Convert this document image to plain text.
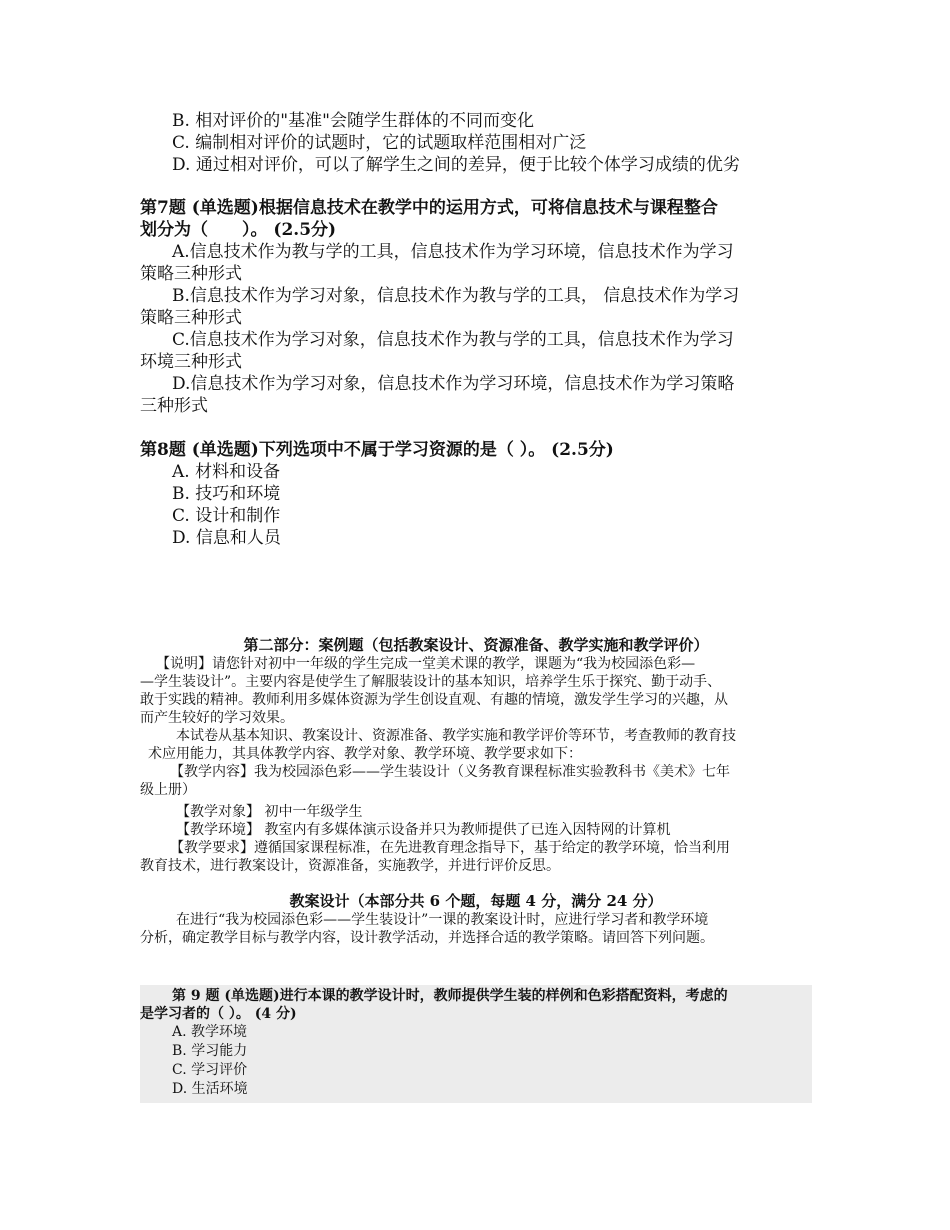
B. 相对评价的"基准"会随学生群体的不同而变化
C. 编制相对评价的试题时，它的试题取样范围相对广泛
D. 通过相对评价，可以了解学生之间的差异，便于比较个体学习成绩的优劣
第7题 (单选题)根据信息技术在教学中的运用方式，可将信息技术与课程整合
划分为（　　）。 (2.5分)
A.信息技术作为教与学的工具，信息技术作为学习环境，信息技术作为学习
策略三种形式
B.信息技术作为学习对象，信息技术作为教与学的工具， 信息技术作为学习
策略三种形式
C.信息技术作为学习对象，信息技术作为教与学的工具，信息技术作为学习
环境三种形式
D.信息技术作为学习对象，信息技术作为学习环境，信息技术作为学习策略
三种形式
第8题 (单选题)下列选项中不属于学习资源的是（ ）。 (2.5分)
A. 材料和设备
B. 技巧和环境
C. 设计和制作
D. 信息和人员
第二部分：案例题（包括教案设计、资源准备、教学实施和教学评价）
【说明】请您针对初中一年级的学生完成一堂美术课的教学，课题为“我为校园添色彩—
—学生装设计”。主要内容是使学生了解服装设计的基本知识，培养学生乐于探究、勤于动手、
敢于实践的精神。教师利用多媒体资源为学生创设直观、有趣的情境，激发学生学习的兴趣，从
而产生较好的学习效果。
本试卷从基本知识、教案设计、资源准备、教学实施和教学评价等环节，考查教师的教育技
术应用能力，其具体教学内容、教学对象、教学环境、教学要求如下：
【教学内容】我为校园添色彩——学生装设计（义务教育课程标准实验教科书《美术》七年
级上册）
【教学对象】 初中一年级学生
【教学环境】 教室内有多媒体演示设备并只为教师提供了已连入因特网的计算机
【教学要求】遵循国家课程标准，在先进教育理念指导下，基于给定的教学环境，恰当利用
教育技术，进行教案设计，资源准备，实施教学，并进行评价反思。
教案设计（本部分共 6 个题，每题 4 分，满分 24 分）
在进行“我为校园添色彩——学生装设计”一课的教案设计时，应进行学习者和教学环境
分析，确定教学目标与教学内容，设计教学活动，并选择合适的教学策略。请回答下列问题。
第 9 题 (单选题)进行本课的教学设计时，教师提供学生装的样例和色彩搭配资料，考虑的
是学习者的（ ）。 (4 分)
A. 教学环境
B. 学习能力
C. 学习评价
D. 生活环境
